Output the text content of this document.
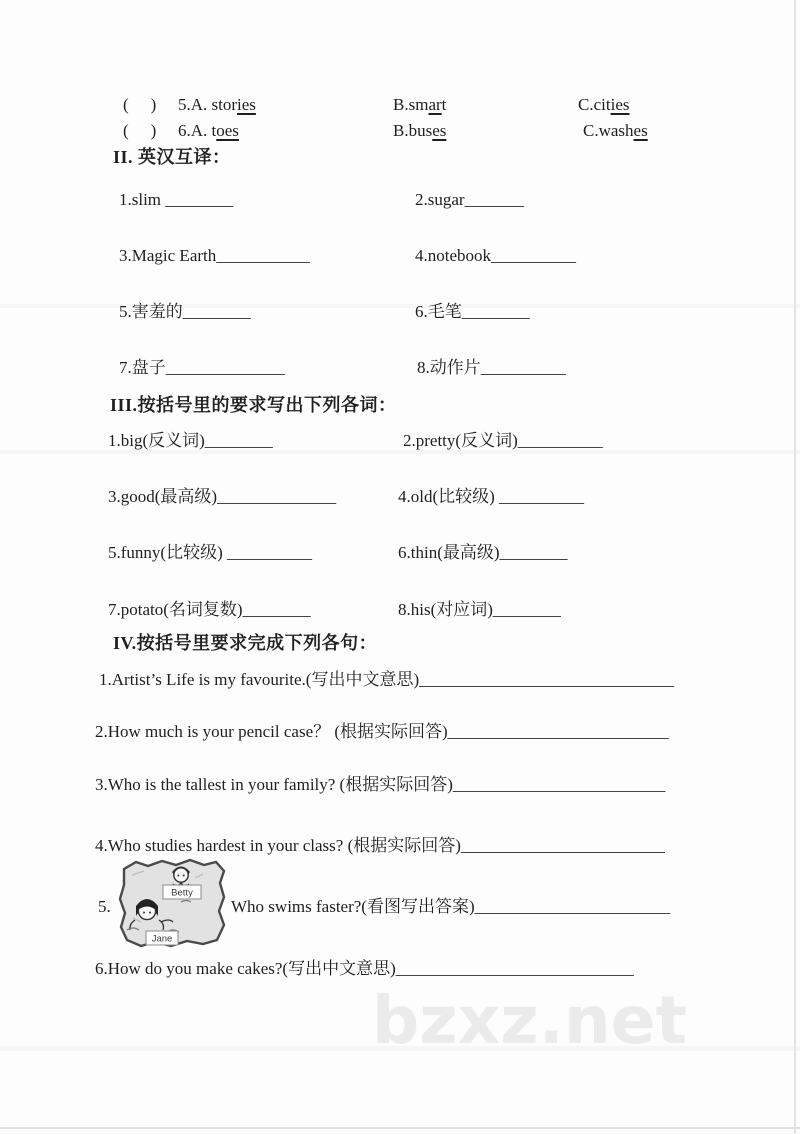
(    ) 5.A. stories	B.smart	C.cities
(    ) 6.A. toes	B.buses	C.washes
II. 英汉互译：
1.slim ________	2.sugar_______
3.Magic Earth___________	4.notebook__________
5.害羞的________	6.毛笔________
7.盘子______________	8.动作片__________
III.按括号里的要求写出下列各词：
1.big(反义词)________	2.pretty(反义词)__________
3.good(最高级)______________	4.old(比较级) __________
5.funny(比较级) __________	6.thin(最高级)________
7.potato(名词复数)________	8.his(对应词)________
IV.按括号里要求完成下列各句：
1.Artist’s Life is my favourite.(写出中文意思)______________________________
2.How much is your pencil case？ (根据实际回答)__________________________
3.Who is the tallest in your family? (根据实际回答)_________________________
4.Who studies hardest in your class? (根据实际回答)________________________
5.
Betty
Jane
Who swims faster?(看图写出答案)_______________________
6.How do you make cakes?(写出中文意思)____________________________
bzxz.net
